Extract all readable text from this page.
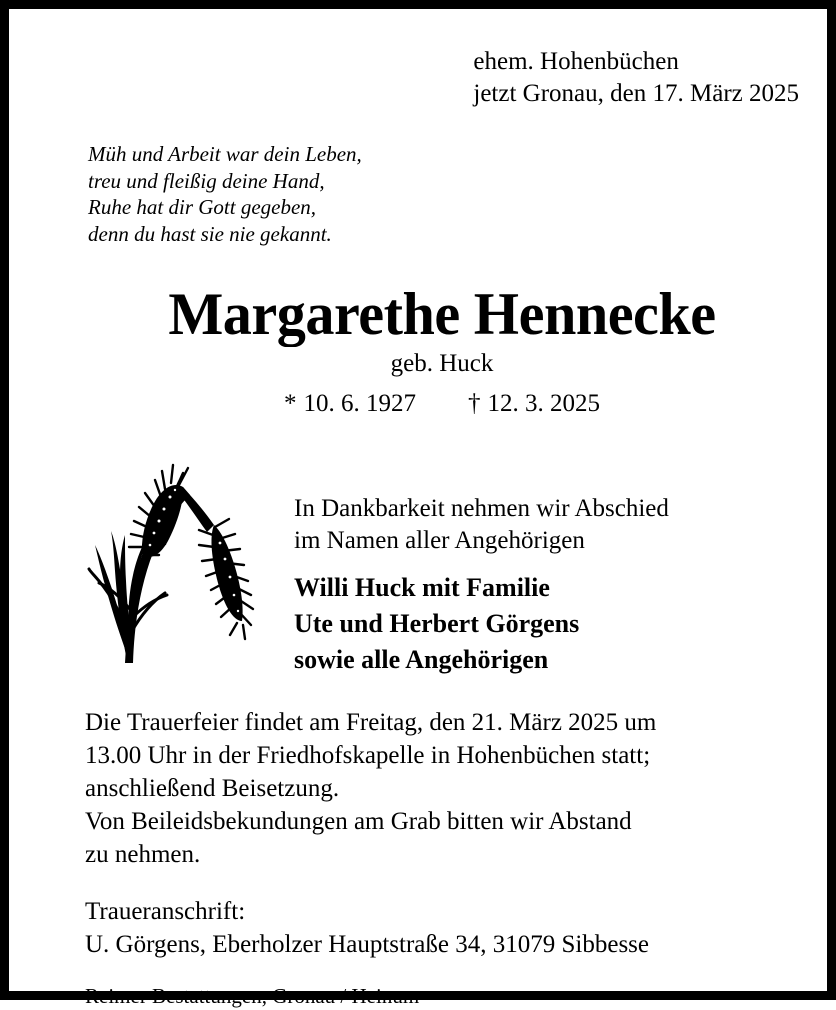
ehem. Hohenbüchen
jetzt Gronau, den 17. März 2025
Müh und Arbeit war dein Leben,
treu und fleißig deine Hand,
Ruhe hat dir Gott gegeben,
denn du hast sie nie gekannt.
Margarethe Hennecke
geb. Huck
* 10. 6. 1927 † 12. 3. 2025
In Dankbarkeit nehmen wir Abschied
im Namen aller Angehörigen
Willi Huck mit Familie
Ute und Herbert Görgens
sowie alle Angehörigen
Die Trauerfeier findet am Freitag, den 21. März 2025 um
13.00 Uhr in der Friedhofskapelle in Hohenbüchen statt;
anschließend Beisetzung.
Von Beileidsbekundungen am Grab bitten wir Abstand
zu nehmen.
Traueranschrift:
U. Görgens, Eberholzer Hauptstraße 34, 31079 Sibbesse
Reimer Bestattungen, Gronau / Heinum
